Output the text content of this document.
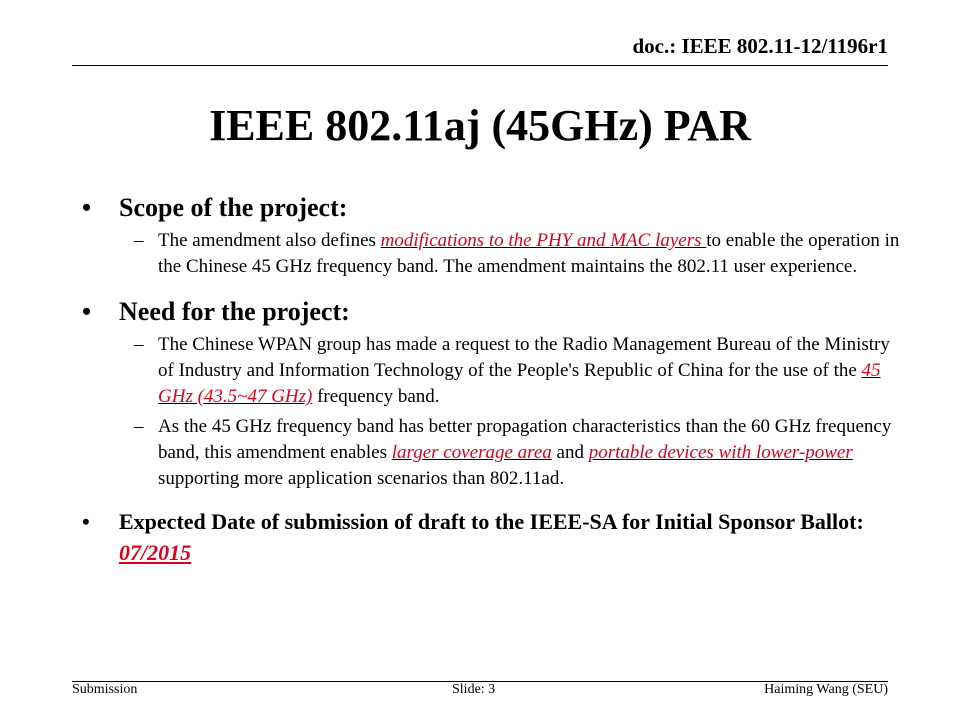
doc.: IEEE 802.11-12/1196r1
IEEE 802.11aj (45GHz) PAR
• Scope of the project:
– The amendment also defines modifications to the PHY and MAC layers to enable the operation in the Chinese 45 GHz frequency band. The amendment maintains the 802.11 user experience.
• Need for the project:
– The Chinese WPAN group has made a request to the Radio Management Bureau of the Ministry of Industry and Information Technology of the People's Republic of China for the use of the 45 GHz (43.5~47 GHz) frequency band.
– As the 45 GHz frequency band has better propagation characteristics than the 60 GHz frequency band, this amendment enables larger coverage area and portable devices with lower-power supporting more application scenarios than 802.11ad.
• Expected Date of submission of draft to the IEEE-SA for Initial Sponsor Ballot: 07/2015
Submission	Slide: 3	Haiming Wang (SEU)
